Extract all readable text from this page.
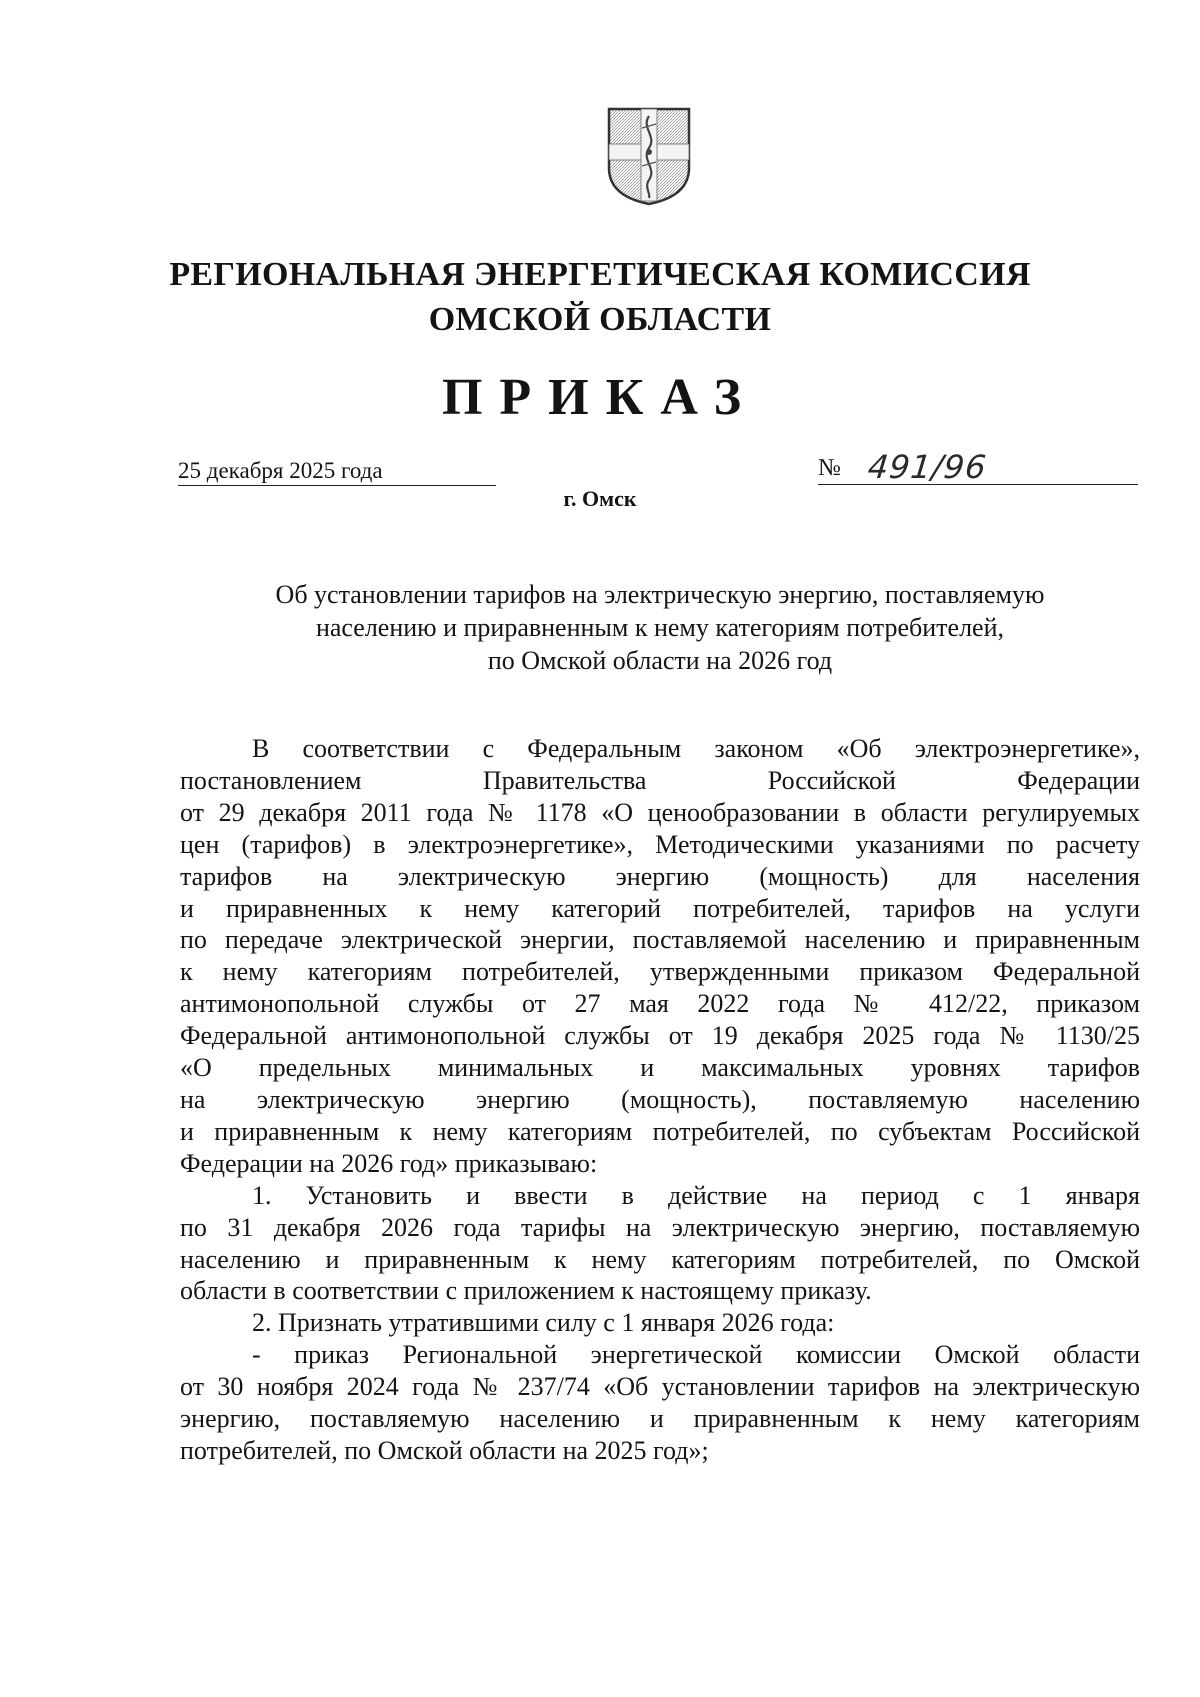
РЕГИОНАЛЬНАЯ ЭНЕРГЕТИЧЕСКАЯ КОМИССИЯ
ОМСКОЙ ОБЛАСТИ
ПРИКАЗ
25 декабря 2025 года	№ 491/96
г. Омск
Об установлении тарифов на электрическую энергию, поставляемую
населению и приравненным к нему категориям потребителей,
по Омской области на 2026 год

В соответствии с Федеральным законом «Об электроэнергетике»,

постановлением Правительства Российской Федерации

от 29 декабря 2011 года № 1178 «О ценообразовании в области регулируемых

цен (тарифов) в электроэнергетике», Методическими указаниями по расчету

тарифов на электрическую энергию (мощность) для населения

и приравненных к нему категорий потребителей, тарифов на услуги

по передаче электрической энергии, поставляемой населению и приравненным

к нему категориям потребителей, утвержденными приказом Федеральной

антимонопольной службы от 27 мая 2022 года № 412/22, приказом

Федеральной антимонопольной службы от 19 декабря 2025 года № 1130/25

«О предельных минимальных и максимальных уровнях тарифов

на электрическую энергию (мощность), поставляемую населению

и приравненным к нему категориям потребителей, по субъектам Российской

Федерации на 2026 год» приказываю:

1. Установить и ввести в действие на период с 1 января

по 31 декабря 2026 года тарифы на электрическую энергию, поставляемую

населению и приравненным к нему категориям потребителей, по Омской

области в соответствии с приложением к настоящему приказу.

2. Признать утратившими силу с 1 января 2026 года:

- приказ Региональной энергетической комиссии Омской области

от 30 ноября 2024 года № 237/74 «Об установлении тарифов на электрическую

энергию, поставляемую населению и приравненным к нему категориям

потребителей, по Омской области на 2025 год»;
